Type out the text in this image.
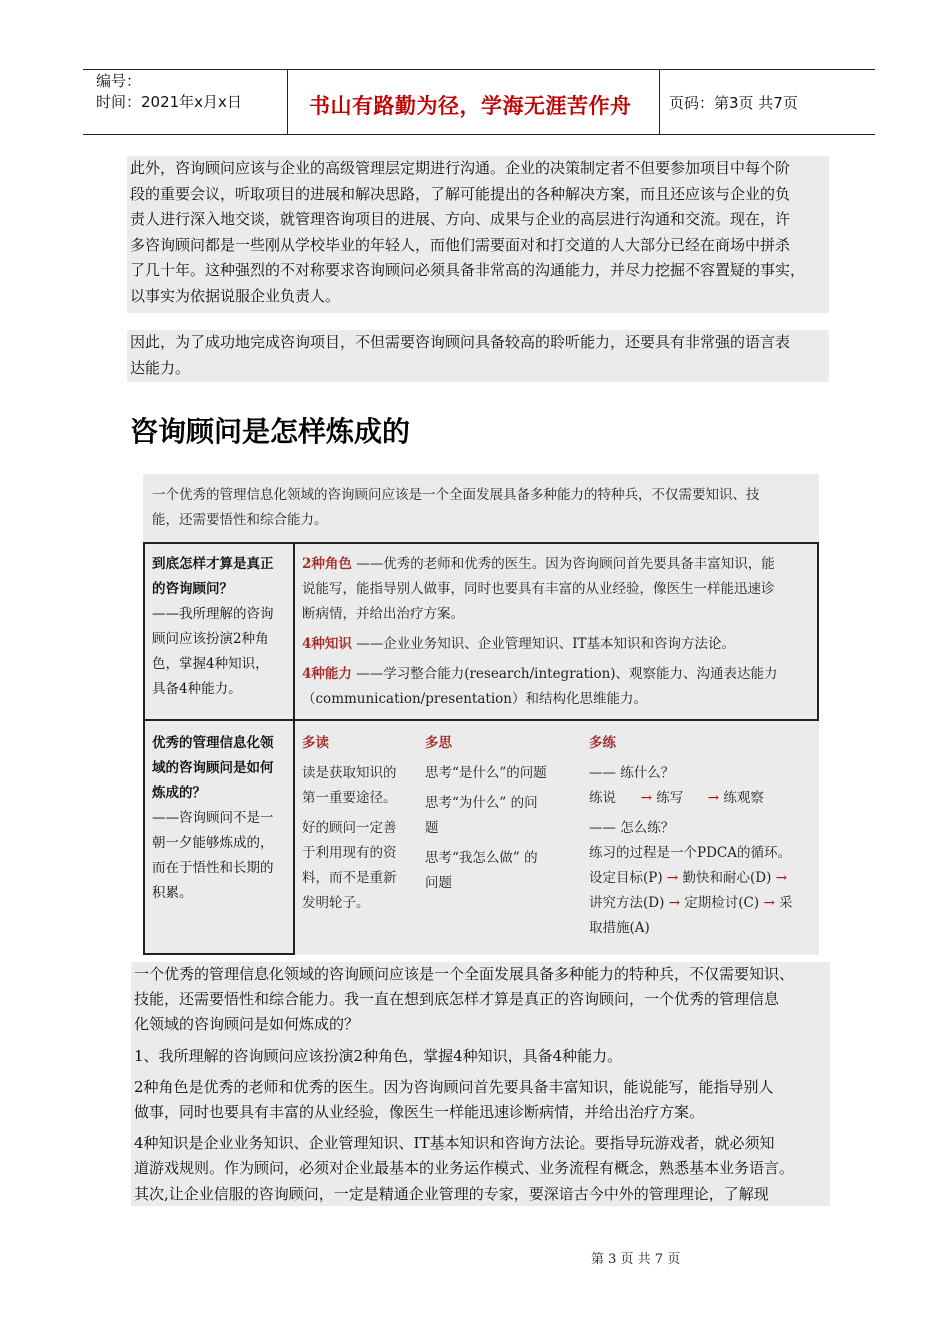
编号：
时间：2021年x月x日	书山有路勤为径，学海无涯苦作舟	页码：第3页 共7页
此外，咨询顾问应该与企业的高级管理层定期进行沟通。企业的决策制定者不但要参加项目中每个阶
段的重要会议，听取项目的进展和解决思路，了解可能提出的各种解决方案，而且还应该与企业的负
责人进行深入地交谈，就管理咨询项目的进展、方向、成果与企业的高层进行沟通和交流。现在，许
多咨询顾问都是一些刚从学校毕业的年轻人，而他们需要面对和打交道的人大部分已经在商场中拼杀
了几十年。这种强烈的不对称要求咨询顾问必须具备非常高的沟通能力，并尽力挖掘不容置疑的事实，
以事实为依据说服企业负责人。
因此，为了成功地完成咨询项目，不但需要咨询顾问具备较高的聆听能力，还要具有非常强的语言表
达能力。
咨询顾问是怎样炼成的
一个优秀的管理信息化领域的咨询顾问应该是一个全面发展具备多种能力的特种兵，不仅需要知识、技
能，还需要悟性和综合能力。
到底怎样才算是真正
的咨询顾问？
——我所理解的咨询
顾问应该扮演2种角
色，掌握4种知识，
具备4种能力。
2种角色 ——优秀的老师和优秀的医生。因为咨询顾问首先要具备丰富知识，能
说能写，能指导别人做事，同时也要具有丰富的从业经验，像医生一样能迅速诊
断病情，并给出治疗方案。
4种知识 ——企业业务知识、企业管理知识、IT基本知识和咨询方法论。
4种能力 ——学习整合能力(research/integration)、观察能力、沟通表达能力
（communication/presentation）和结构化思维能力。
优秀的管理信息化领
域的咨询顾问是如何
炼成的？
——咨询顾问不是一
朝一夕能够炼成的，
而在于悟性和长期的
积累。
多读
读是获取知识的
第一重要途径。
好的顾问一定善
于利用现有的资
料，而不是重新
发明轮子。
多思
思考“是什么”的问题
思考“为什么” 的问
题
思考“我怎么做” 的
问题
多练
—— 练什么？
练说 → 练写 → 练观察
—— 怎么练？
练习的过程是一个PDCA的循环。
设定目标(P) → 勤快和耐心(D) →
讲究方法(D) → 定期检讨(C) → 采
取措施(A)
一个优秀的管理信息化领域的咨询顾问应该是一个全面发展具备多种能力的特种兵，不仅需要知识、
技能，还需要悟性和综合能力。我一直在想到底怎样才算是真正的咨询顾问，一个优秀的管理信息
化领域的咨询顾问是如何炼成的？
1、我所理解的咨询顾问应该扮演2种角色，掌握4种知识，具备4种能力。
2种角色是优秀的老师和优秀的医生。因为咨询顾问首先要具备丰富知识，能说能写，能指导别人
做事，同时也要具有丰富的从业经验，像医生一样能迅速诊断病情，并给出治疗方案。
4种知识是企业业务知识、企业管理知识、IT基本知识和咨询方法论。要指导玩游戏者，就必须知
道游戏规则。作为顾问，必须对企业最基本的业务运作模式、业务流程有概念，熟悉基本业务语言。
其次,让企业信服的咨询顾问，一定是精通企业管理的专家，要深谙古今中外的管理理论，了解现
第 3 页 共 7 页
